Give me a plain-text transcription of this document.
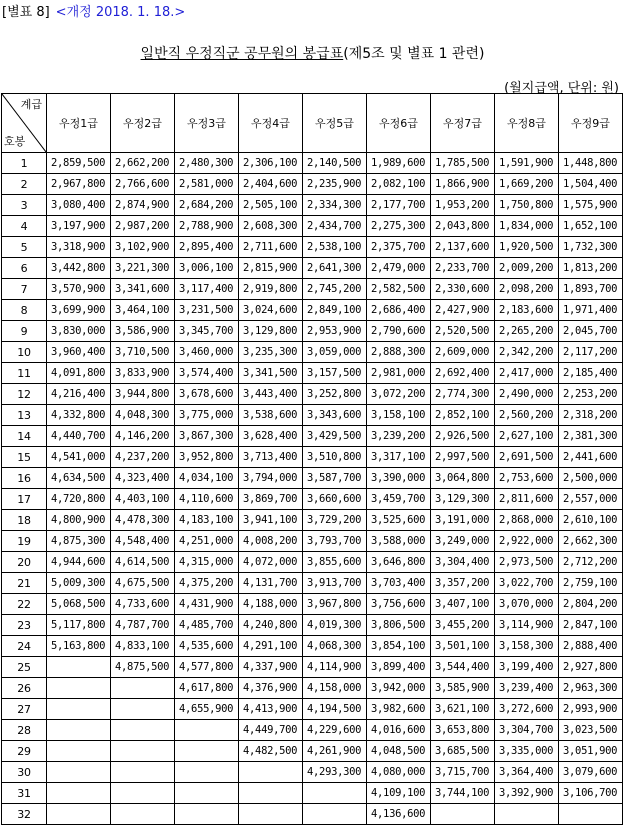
[별표 8] <개정 2018. 1. 18.>
일반직 우정직군 공무원의 봉급표(제5조 및 별표 1 관련)
(월지급액, 단위: 원)
계급
호봉	우정1급	우정2급	우정3급	우정4급	우정5급	우정6급	우정7급	우정8급	우정9급
1	2,859,500	2,662,200	2,480,300	2,306,100	2,140,500	1,989,600	1,785,500	1,591,900	1,448,800
2	2,967,800	2,766,600	2,581,000	2,404,600	2,235,900	2,082,100	1,866,900	1,669,200	1,504,400
3	3,080,400	2,874,900	2,684,200	2,505,100	2,334,300	2,177,700	1,953,200	1,750,800	1,575,900
4	3,197,900	2,987,200	2,788,900	2,608,300	2,434,700	2,275,300	2,043,800	1,834,000	1,652,100
5	3,318,900	3,102,900	2,895,400	2,711,600	2,538,100	2,375,700	2,137,600	1,920,500	1,732,300
6	3,442,800	3,221,300	3,006,100	2,815,900	2,641,300	2,479,000	2,233,700	2,009,200	1,813,200
7	3,570,900	3,341,600	3,117,400	2,919,800	2,745,200	2,582,500	2,330,600	2,098,200	1,893,700
8	3,699,900	3,464,100	3,231,500	3,024,600	2,849,100	2,686,400	2,427,900	2,183,600	1,971,400
9	3,830,000	3,586,900	3,345,700	3,129,800	2,953,900	2,790,600	2,520,500	2,265,200	2,045,700
10	3,960,400	3,710,500	3,460,000	3,235,300	3,059,000	2,888,300	2,609,000	2,342,200	2,117,200
11	4,091,800	3,833,900	3,574,400	3,341,500	3,157,500	2,981,000	2,692,400	2,417,000	2,185,400
12	4,216,400	3,944,800	3,678,600	3,443,400	3,252,800	3,072,200	2,774,300	2,490,000	2,253,200
13	4,332,800	4,048,300	3,775,000	3,538,600	3,343,600	3,158,100	2,852,100	2,560,200	2,318,200
14	4,440,700	4,146,200	3,867,300	3,628,400	3,429,500	3,239,200	2,926,500	2,627,100	2,381,300
15	4,541,000	4,237,200	3,952,800	3,713,400	3,510,800	3,317,100	2,997,500	2,691,500	2,441,600
16	4,634,500	4,323,400	4,034,100	3,794,000	3,587,700	3,390,000	3,064,800	2,753,600	2,500,000
17	4,720,800	4,403,100	4,110,600	3,869,700	3,660,600	3,459,700	3,129,300	2,811,600	2,557,000
18	4,800,900	4,478,300	4,183,100	3,941,100	3,729,200	3,525,600	3,191,000	2,868,000	2,610,100
19	4,875,300	4,548,400	4,251,000	4,008,200	3,793,700	3,588,000	3,249,000	2,922,000	2,662,300
20	4,944,600	4,614,500	4,315,000	4,072,000	3,855,600	3,646,800	3,304,400	2,973,500	2,712,200
21	5,009,300	4,675,500	4,375,200	4,131,700	3,913,700	3,703,400	3,357,200	3,022,700	2,759,100
22	5,068,500	4,733,600	4,431,900	4,188,000	3,967,800	3,756,600	3,407,100	3,070,000	2,804,200
23	5,117,800	4,787,700	4,485,700	4,240,800	4,019,300	3,806,500	3,455,200	3,114,900	2,847,100
24	5,163,800	4,833,100	4,535,600	4,291,100	4,068,300	3,854,100	3,501,100	3,158,300	2,888,400
25		4,875,500	4,577,800	4,337,900	4,114,900	3,899,400	3,544,400	3,199,400	2,927,800
26			4,617,800	4,376,900	4,158,000	3,942,000	3,585,900	3,239,400	2,963,300
27			4,655,900	4,413,900	4,194,500	3,982,600	3,621,100	3,272,600	2,993,900
28				4,449,700	4,229,600	4,016,600	3,653,800	3,304,700	3,023,500
29				4,482,500	4,261,900	4,048,500	3,685,500	3,335,000	3,051,900
30					4,293,300	4,080,000	3,715,700	3,364,400	3,079,600
31						4,109,100	3,744,100	3,392,900	3,106,700
32						4,136,600			
